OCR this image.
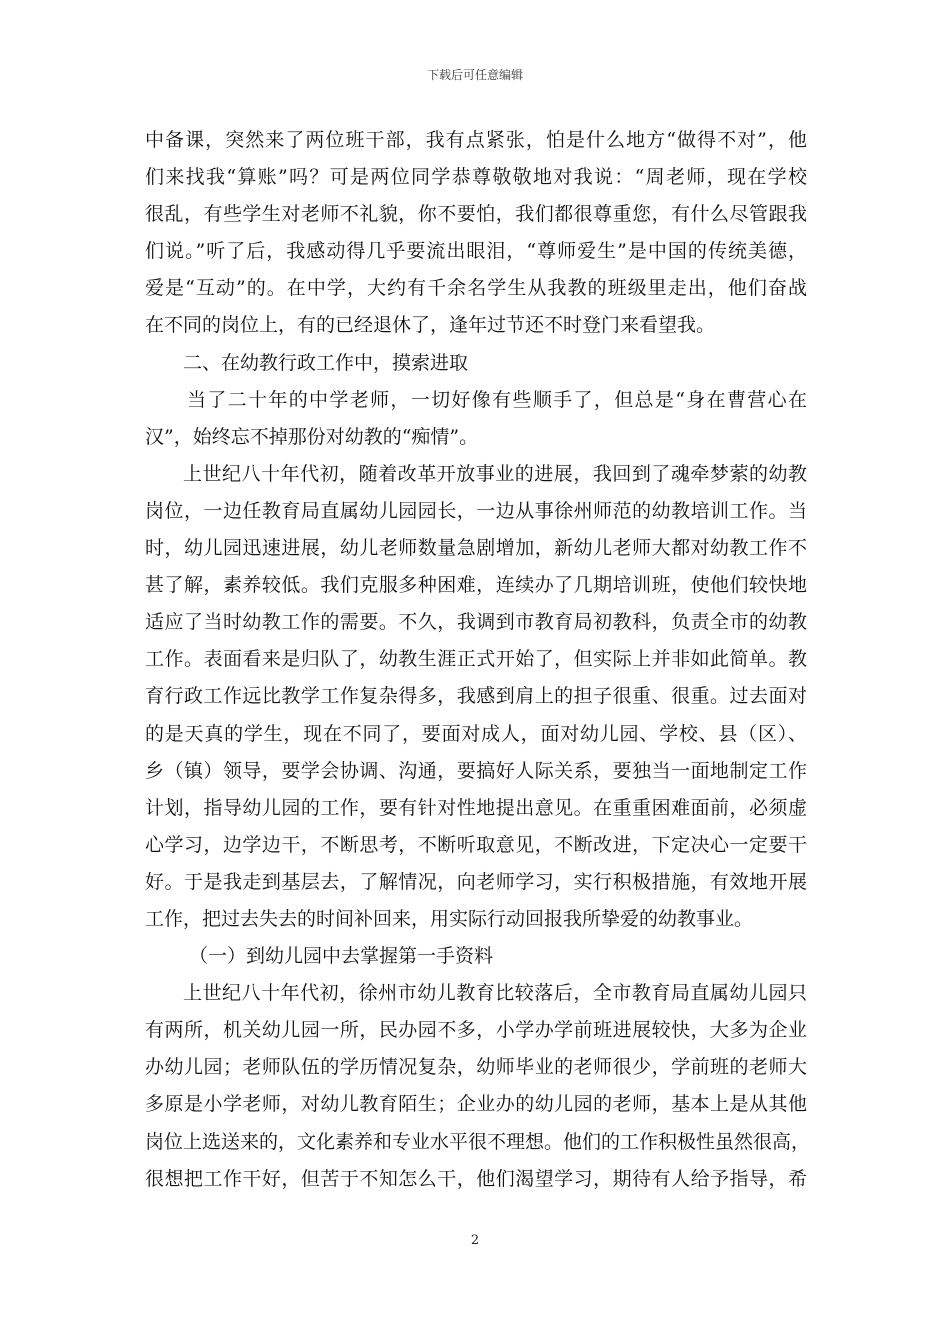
下载后可任意编辑
中备课，突然来了两位班干部，我有点紧张，怕是什么地方“做得不对”，他
们来找我“算账”吗？可是两位同学恭尊敬敬地对我说：“周老师，现在学校
很乱，有些学生对老师不礼貌，你不要怕，我们都很尊重您，有什么尽管跟我
们说。”听了后，我感动得几乎要流出眼泪，“尊师爱生”是中国的传统美德，
爱是“互动”的。在中学，大约有千余名学生从我教的班级里走出，他们奋战
在不同的岗位上，有的已经退休了，逢年过节还不时登门来看望我。
二、在幼教行政工作中，摸索进取
当了二十年的中学老师，一切好像有些顺手了，但总是“身在曹营心在
汉”，始终忘不掉那份对幼教的“痴情”。
上世纪八十年代初，随着改革开放事业的进展，我回到了魂牵梦萦的幼教
岗位，一边任教育局直属幼儿园园长，一边从事徐州师范的幼教培训工作。当
时，幼儿园迅速进展，幼儿老师数量急剧增加，新幼儿老师大都对幼教工作不
甚了解，素养较低。我们克服多种困难，连续办了几期培训班，使他们较快地
适应了当时幼教工作的需要。不久，我调到市教育局初教科，负责全市的幼教
工作。表面看来是归队了，幼教生涯正式开始了，但实际上并非如此简单。教
育行政工作远比教学工作复杂得多，我感到肩上的担子很重、很重。过去面对
的是天真的学生，现在不同了，要面对成人，面对幼儿园、学校、县（区）、
乡（镇）领导，要学会协调、沟通，要搞好人际关系，要独当一面地制定工作
计划，指导幼儿园的工作，要有针对性地提出意见。在重重困难面前，必须虚
心学习，边学边干，不断思考，不断听取意见，不断改进，下定决心一定要干
好。于是我走到基层去，了解情况，向老师学习，实行积极措施，有效地开展
工作，把过去失去的时间补回来，用实际行动回报我所挚爱的幼教事业。
（一）到幼儿园中去掌握第一手资料
上世纪八十年代初，徐州市幼儿教育比较落后，全市教育局直属幼儿园只
有两所，机关幼儿园一所，民办园不多，小学办学前班进展较快，大多为企业
办幼儿园；老师队伍的学历情况复杂，幼师毕业的老师很少，学前班的老师大
多原是小学老师，对幼儿教育陌生；企业办的幼儿园的老师，基本上是从其他
岗位上选送来的，文化素养和专业水平很不理想。他们的工作积极性虽然很高，
很想把工作干好，但苦于不知怎么干，他们渴望学习，期待有人给予指导，希
2
